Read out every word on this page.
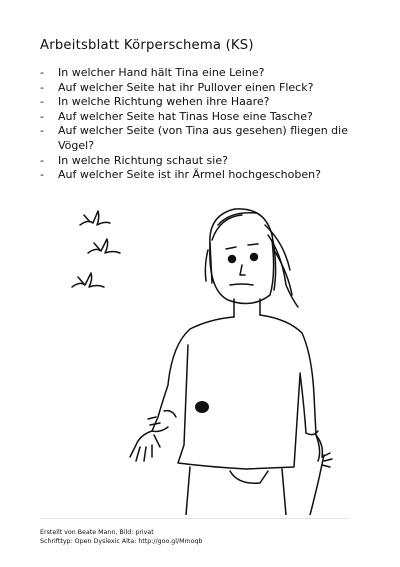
Arbeitsblatt Körperschema (KS)
- In welcher Hand hält Tina eine Leine?
- Auf welcher Seite hat ihr Pullover einen Fleck?
- In welche Richtung wehen ihre Haare?
- Auf welcher Seite hat Tinas Hose eine Tasche?
- Auf welcher Seite (von Tina aus gesehen) fliegen die Vögel?
- In welche Richtung schaut sie?
- Auf welcher Seite ist ihr Ärmel hochgeschoben?
Erstellt von Beate Mann, Bild: privat
Schrifttyp: Open Dyslexic Alta: http://goo.gl/Mmoqb
